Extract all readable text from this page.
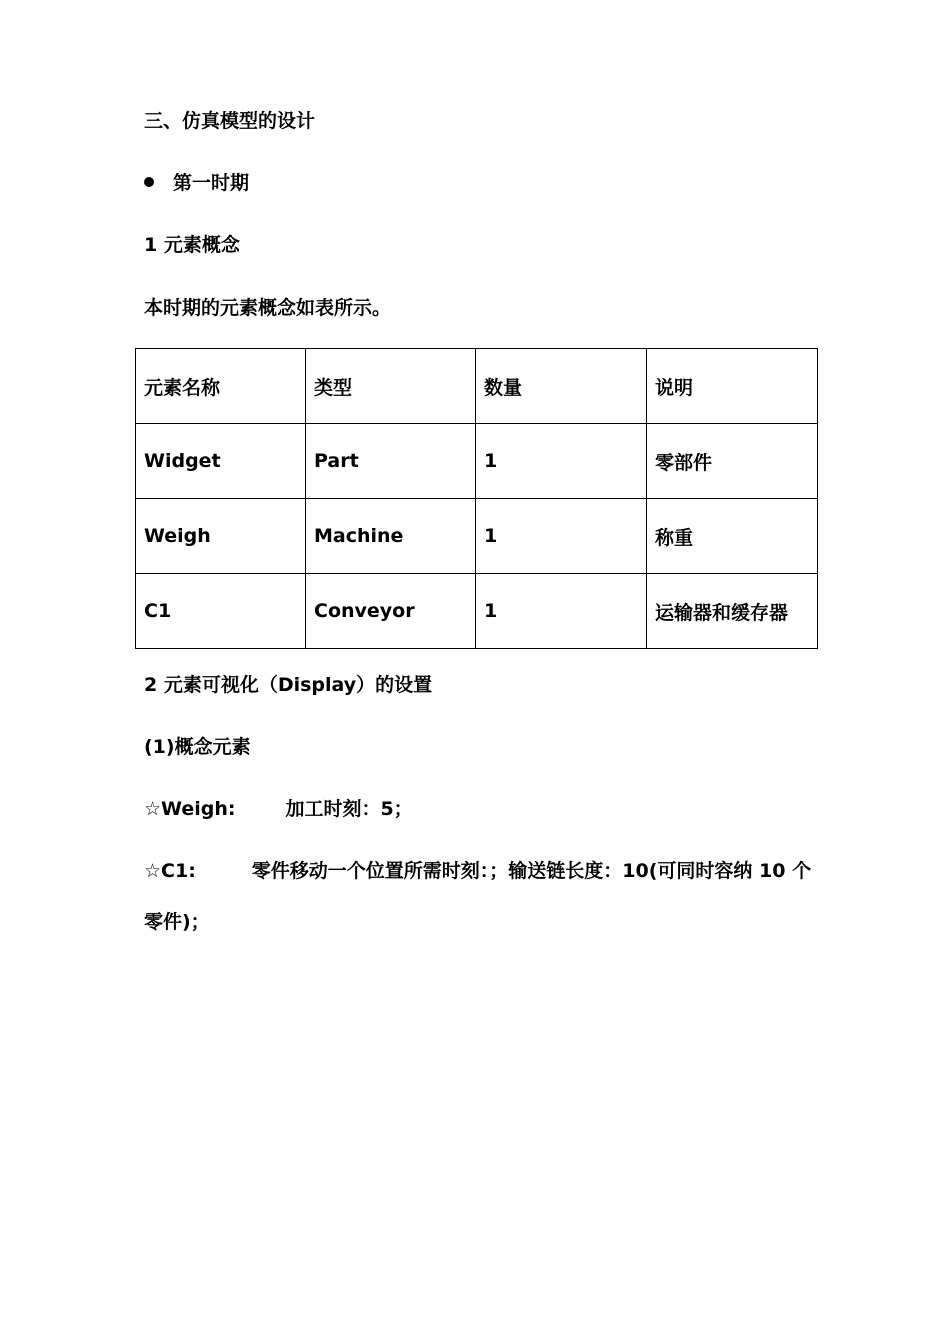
三、仿真模型的设计
第一时期
1 元素概念
本时期的元素概念如表所示。
元素名称	类型	数量	说明
Widget	Part	1	零部件
Weigh	Machine	1	称重
C1	Conveyor	1	运输器和缓存器
2 元素可视化（Display）的设置
(1)概念元素
☆Weigh:	加工时刻：5；
☆C1:	零件移动一个位置所需时刻：；输送链长度：10(可同时容纳 10 个
零件)；
